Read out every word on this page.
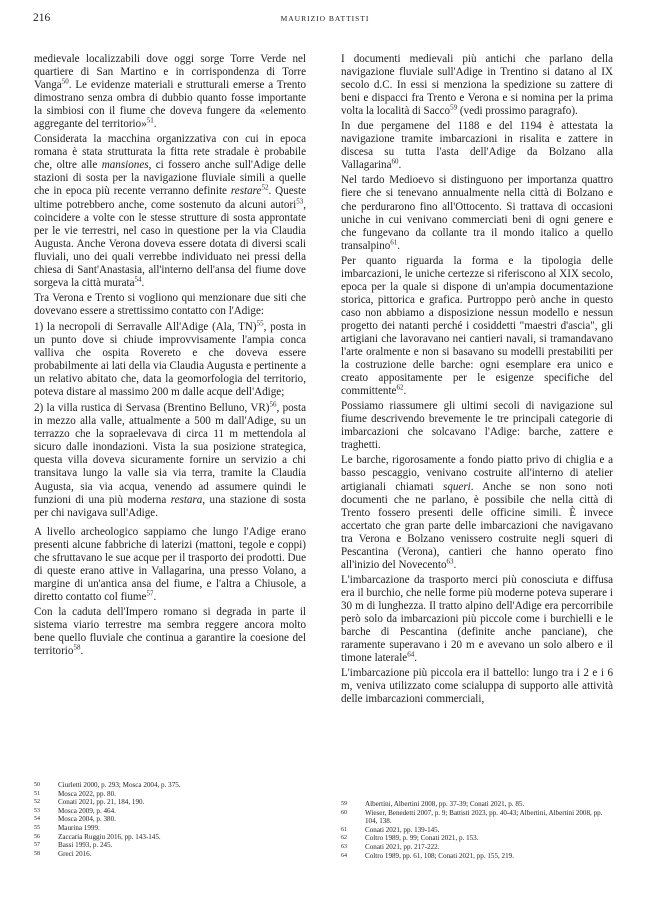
216	MAURIZIO BATTISTI

medievale localizzabili dove oggi sorge Torre Verde nel quartiere di San Martino e in corrispondenza di Torre Vanga$^{50}$. Le evidenze materiali e strutturali emerse a Trento dimostrano senza ombra di dubbio quanto fosse importante la simbiosi con il fiume che doveva fungere da «elemento aggregante del territorio»$^{51}$.

Considerata la macchina organizzativa con cui in epoca romana è stata strutturata la fitta rete stradale è probabile che, oltre alle mansiones, ci fossero anche sull'Adige delle stazioni di sosta per la navigazione fluviale simili a quelle che in epoca più recente verranno definite restare$^{52}$. Queste ultime potrebbero anche, come sostenuto da alcuni autori$^{53}$, coincidere a volte con le stesse strutture di sosta approntate per le vie terrestri, nel caso in questione per la via Claudia Augusta. Anche Verona doveva essere dotata di diversi scali fluviali, uno dei quali verrebbe individuato nei pressi della chiesa di Sant'Anastasia, all'interno dell'ansa del fiume dove sorgeva la città murata$^{54}$.

Tra Verona e Trento si vogliono qui menzionare due siti che dovevano essere a strettissimo contatto con l'Adige:

1) la necropoli di Serravalle All'Adige (Ala, TN)$^{55}$, posta in un punto dove si chiude improvvisamente l'ampia conca valliva che ospita Rovereto e che doveva essere probabilmente ai lati della via Claudia Augusta e pertinente a un relativo abitato che, data la geomorfologia del territorio, poteva distare al massimo 200 m dalle acque dell'Adige;

2) la villa rustica di Servasa (Brentino Belluno, VR)$^{56}$, posta in mezzo alla valle, attualmente a 500 m dall'Adige, su un terrazzo che la sopraelevava di circa 11 m mettendola al sicuro dalle inondazioni. Vista la sua posizione strategica, questa villa doveva sicuramente fornire un servizio a chi transitava lungo la valle sia via terra, tramite la Claudia Augusta, sia via acqua, venendo ad assumere quindi le funzioni di una più moderna restara, una stazione di sosta per chi navigava sull'Adige.

A livello archeologico sappiamo che lungo l'Adige erano presenti alcune fabbriche di laterizi (mattoni, tegole e coppi) che sfruttavano le sue acque per il trasporto dei prodotti. Due di queste erano attive in Vallagarina, una presso Volano, a margine di un'antica ansa del fiume, e l'altra a Chiusole, a diretto contatto col fiume$^{57}$.

Con la caduta dell'Impero romano si degrada in parte il sistema viario terrestre ma sembra reggere ancora molto bene quello fluviale che continua a garantire la coesione del territorio$^{58}$.

I documenti medievali più antichi che parlano della navigazione fluviale sull'Adige in Trentino si datano al IX secolo d.C. In essi si menziona la spedizione su zattere di beni e dispacci fra Trento e Verona e si nomina per la prima volta la località di Sacco$^{59}$ (vedi prossimo paragrafo).

In due pergamene del 1188 e del 1194 è attestata la navigazione tramite imbarcazioni in risalita e zattere in discesa su tutta l'asta dell'Adige da Bolzano alla Vallagarina$^{60}$.

Nel tardo Medioevo si distinguono per importanza quattro fiere che si tenevano annualmente nella città di Bolzano e che perdurarono fino all'Ottocento. Si trattava di occasioni uniche in cui venivano commerciati beni di ogni genere e che fungevano da collante tra il mondo italico a quello transalpino$^{61}$.

Per quanto riguarda la forma e la tipologia delle imbarcazioni, le uniche certezze si riferiscono al XIX secolo, epoca per la quale si dispone di un'ampia documentazione storica, pittorica e grafica. Purtroppo però anche in questo caso non abbiamo a disposizione nessun modello e nessun progetto dei natanti perché i cosiddetti "maestri d'ascia", gli artigiani che lavoravano nei cantieri navali, si tramandavano l'arte oralmente e non si basavano su modelli prestabiliti per la costruzione delle barche: ogni esemplare era unico e creato appositamente per le esigenze specifiche del committente$^{62}$.

Possiamo riassumere gli ultimi secoli di navigazione sul fiume descrivendo brevemente le tre principali categorie di imbarcazioni che solcavano l'Adige: barche, zattere e traghetti.

Le barche, rigorosamente a fondo piatto privo di chiglia e a basso pescaggio, venivano costruite all'interno di atelier artigianali chiamati squeri. Anche se non sono noti documenti che ne parlano, è possibile che nella città di Trento fossero presenti delle officine simili. È invece accertato che gran parte delle imbarcazioni che navigavano tra Verona e Bolzano venissero costruite negli squeri di Pescantina (Verona), cantieri che hanno operato fino all'inizio del Novecento$^{63}$.

L'imbarcazione da trasporto merci più conosciuta e diffusa era il burchio, che nelle forme più moderne poteva superare i 30 m di lunghezza. Il tratto alpino dell'Adige era percorribile però solo da imbarcazioni più piccole come i burchielli e le barche di Pescantina (definite anche panciane), che raramente superavano i 20 m e avevano un solo albero e il timone laterale$^{64}$.

L'imbarcazione più piccola era il battello: lungo tra i 2 e i 6 m, veniva utilizzato come scialuppa di supporto alle attività delle imbarcazioni commerciali,

50	Ciurletti 2000, p. 293; Mosca 2004, p. 375.
51	Mosca 2022, pp. 80.
52	Conati 2021, pp. 21, 184, 190.
53	Mosca 2009, p. 464.
54	Mosca 2004, p. 380.
55	Maurina 1999.
56	Zaccaria Ruggiu 2016, pp. 143-145.
57	Bassi 1993, p. 245.
58	Greci 2016.
59	Albertini, Albertini 2008, pp. 37-39; Conati 2021, p. 85.
60	Wieser, Benedetti 2007, p. 9; Battisti 2023, pp. 40-43; Albertini, Albertini 2008, pp. 104, 138.
61	Conati 2021, pp. 139-145.
62	Coltro 1989, p. 99; Conati 2021, p. 153.
63	Conati 2021, pp. 217-222.
64	Coltro 1989, pp. 61, 108; Conati 2021, pp. 155, 219.
